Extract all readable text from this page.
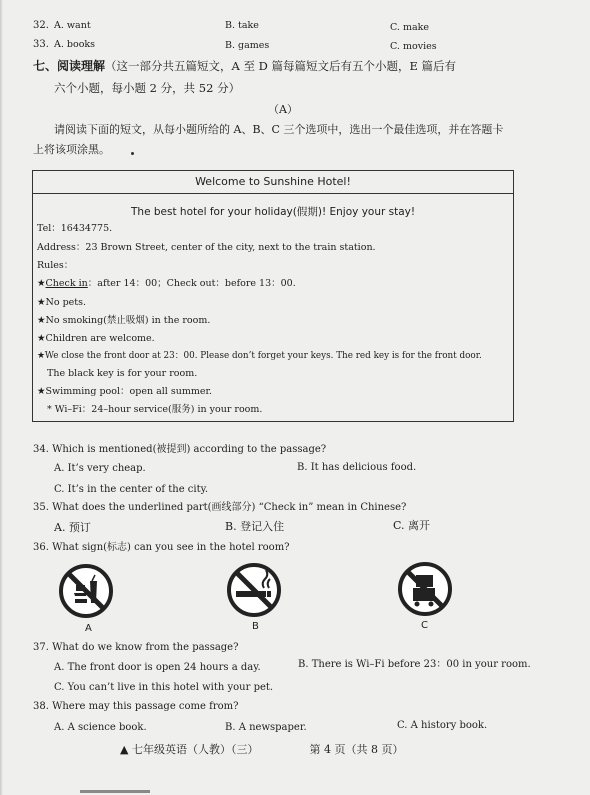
32. A. want	B. take	C. make
33. A. books	B. games	C. movies
七、阅读理解（这一部分共五篇短文，A 至 D 篇每篇短文后有五个小题，E 篇后有
六个小题，每小题 2 分，共 52 分）
（A）
请阅读下面的短文，从每小题所给的 A、B、C 三个选项中，选出一个最佳选项，并在答题卡
上将该项涂黑。
Welcome to Sunshine Hotel!
The best hotel for your holiday(假期)! Enjoy your stay!
Tel：16434775.
Address：23 Brown Street, center of the city, next to the train station.
Rules：
★Check in：after 14：00；Check out：before 13：00.
★No pets.
★No smoking(禁止吸烟) in the room.
★Children are welcome.
★We close the front door at 23：00. Please don’t forget your keys. The red key is for the front door.
The black key is for your room.
★Swimming pool：open all summer.
* Wi–Fi：24–hour service(服务) in your room.
34. Which is mentioned(被提到) according to the passage?
A. It’s very cheap.	B. It has delicious food.
C. It’s in the center of the city.
35. What does the underlined part(画线部分) “Check in” mean in Chinese?
A. 预订	B. 登记入住	C. 离开
36. What sign(标志) can you see in the hotel room?
A	B	C
37. What do we know from the passage?
A. The front door is open 24 hours a day.	B. There is Wi–Fi before 23：00 in your room.
C. You can’t live in this hotel with your pet.
38. Where may this passage come from?
A. A science book.	B. A newspaper.	C. A history book.
▲ 七年级英语（人教）（三）	第 4 页（共 8 页）
